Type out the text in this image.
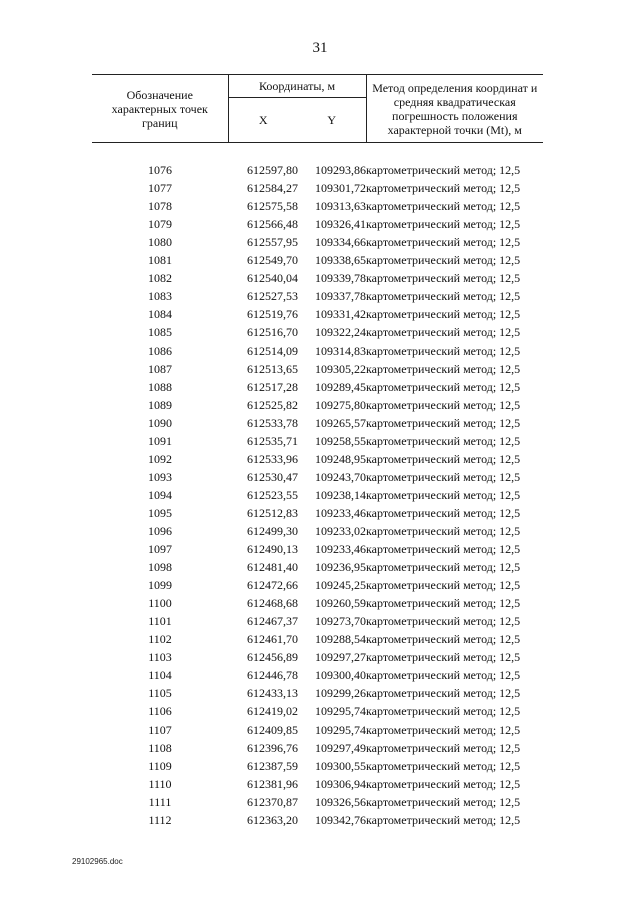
31
Обозначение характерных точек границ	Координаты, м		Метод определения координат и средняя квадратическая погрешность положения характерной точки (Mt), м
	X	Y	

1076	612597,80	109293,86	картометрический метод; 12,5
1077	612584,27	109301,72	картометрический метод; 12,5
1078	612575,58	109313,63	картометрический метод; 12,5
1079	612566,48	109326,41	картометрический метод; 12,5
1080	612557,95	109334,66	картометрический метод; 12,5
1081	612549,70	109338,65	картометрический метод; 12,5
1082	612540,04	109339,78	картометрический метод; 12,5
1083	612527,53	109337,78	картометрический метод; 12,5
1084	612519,76	109331,42	картометрический метод; 12,5
1085	612516,70	109322,24	картометрический метод; 12,5
1086	612514,09	109314,83	картометрический метод; 12,5
1087	612513,65	109305,22	картометрический метод; 12,5
1088	612517,28	109289,45	картометрический метод; 12,5
1089	612525,82	109275,80	картометрический метод; 12,5
1090	612533,78	109265,57	картометрический метод; 12,5
1091	612535,71	109258,55	картометрический метод; 12,5
1092	612533,96	109248,95	картометрический метод; 12,5
1093	612530,47	109243,70	картометрический метод; 12,5
1094	612523,55	109238,14	картометрический метод; 12,5
1095	612512,83	109233,46	картометрический метод; 12,5
1096	612499,30	109233,02	картометрический метод; 12,5
1097	612490,13	109233,46	картометрический метод; 12,5
1098	612481,40	109236,95	картометрический метод; 12,5
1099	612472,66	109245,25	картометрический метод; 12,5
1100	612468,68	109260,59	картометрический метод; 12,5
1101	612467,37	109273,70	картометрический метод; 12,5
1102	612461,70	109288,54	картометрический метод; 12,5
1103	612456,89	109297,27	картометрический метод; 12,5
1104	612446,78	109300,40	картометрический метод; 12,5
1105	612433,13	109299,26	картометрический метод; 12,5
1106	612419,02	109295,74	картометрический метод; 12,5
1107	612409,85	109295,74	картометрический метод; 12,5
1108	612396,76	109297,49	картометрический метод; 12,5
1109	612387,59	109300,55	картометрический метод; 12,5
1110	612381,96	109306,94	картометрический метод; 12,5
1111	612370,87	109326,56	картометрический метод; 12,5
1112	612363,20	109342,76	картометрический метод; 12,5
29102965.doc
